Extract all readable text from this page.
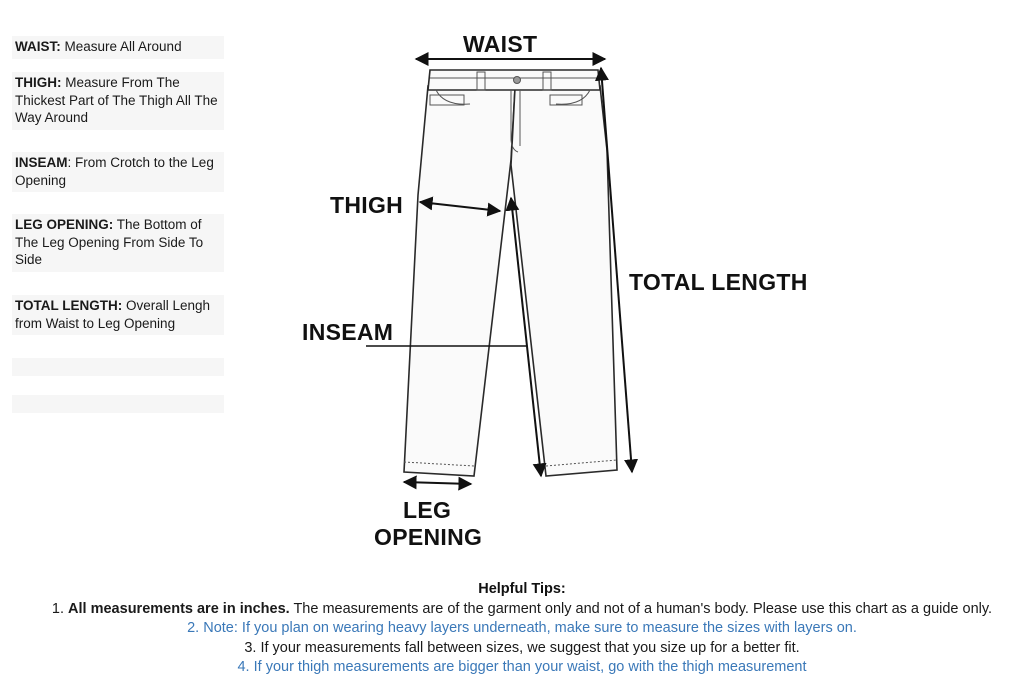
WAIST: Measure All Around
THIGH: Measure From The Thickest Part of The Thigh All The Way Around
INSEAM: From Crotch to the Leg Opening
LEG OPENING: The Bottom of The Leg Opening From Side To Side
TOTAL LENGTH: Overall Lengh from Waist to Leg Opening
WAIST
THIGH
INSEAM
TOTAL LENGTH
LEG
OPENING
Helpful Tips:
1. All measurements are in inches. The measurements are of the garment only and not of a human's body. Please use this chart as a guide only.
2. Note: If you plan on wearing heavy layers underneath, make sure to measure the sizes with layers on.
3. If your measurements fall between sizes, we suggest that you size up for a better fit.
4. If your thigh measurements are bigger than your waist, go with the thigh measurement
